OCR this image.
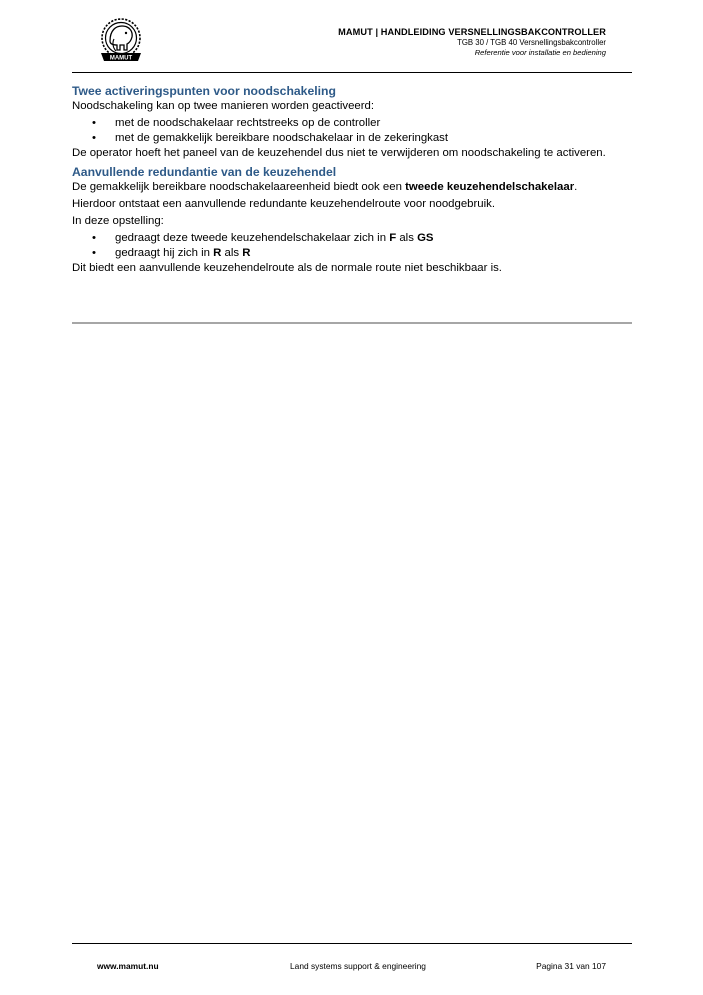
MAMUT
MAMUT | HANDLEIDING VERSNELLINGSBAKCONTROLLER
TGB 30 / TGB 40 Versnellingsbakcontroller
Referentie voor installatie en bediening
Twee activeringspunten voor noodschakeling

Noodschakeling kan op twee manieren worden geactiveerd:

• met de noodschakelaar rechtstreeks op de controller
• met de gemakkelijk bereikbare noodschakelaar in de zekeringkast

De operator hoeft het paneel van de keuzehendel dus niet te verwijderen om noodschakeling te activeren.

Aanvullende redundantie van de keuzehendel

De gemakkelijk bereikbare noodschakelaareenheid biedt ook een tweede keuzehendelschakelaar.

Hierdoor ontstaat een aanvullende redundante keuzehendelroute voor noodgebruik.

In deze opstelling:

• gedraagt deze tweede keuzehendelschakelaar zich in F als GS
• gedraagt hij zich in R als R

Dit biedt een aanvullende keuzehendelroute als de normale route niet beschikbaar is.

www.mamut.nu	Land systems support & engineering	Pagina 31 van 107
